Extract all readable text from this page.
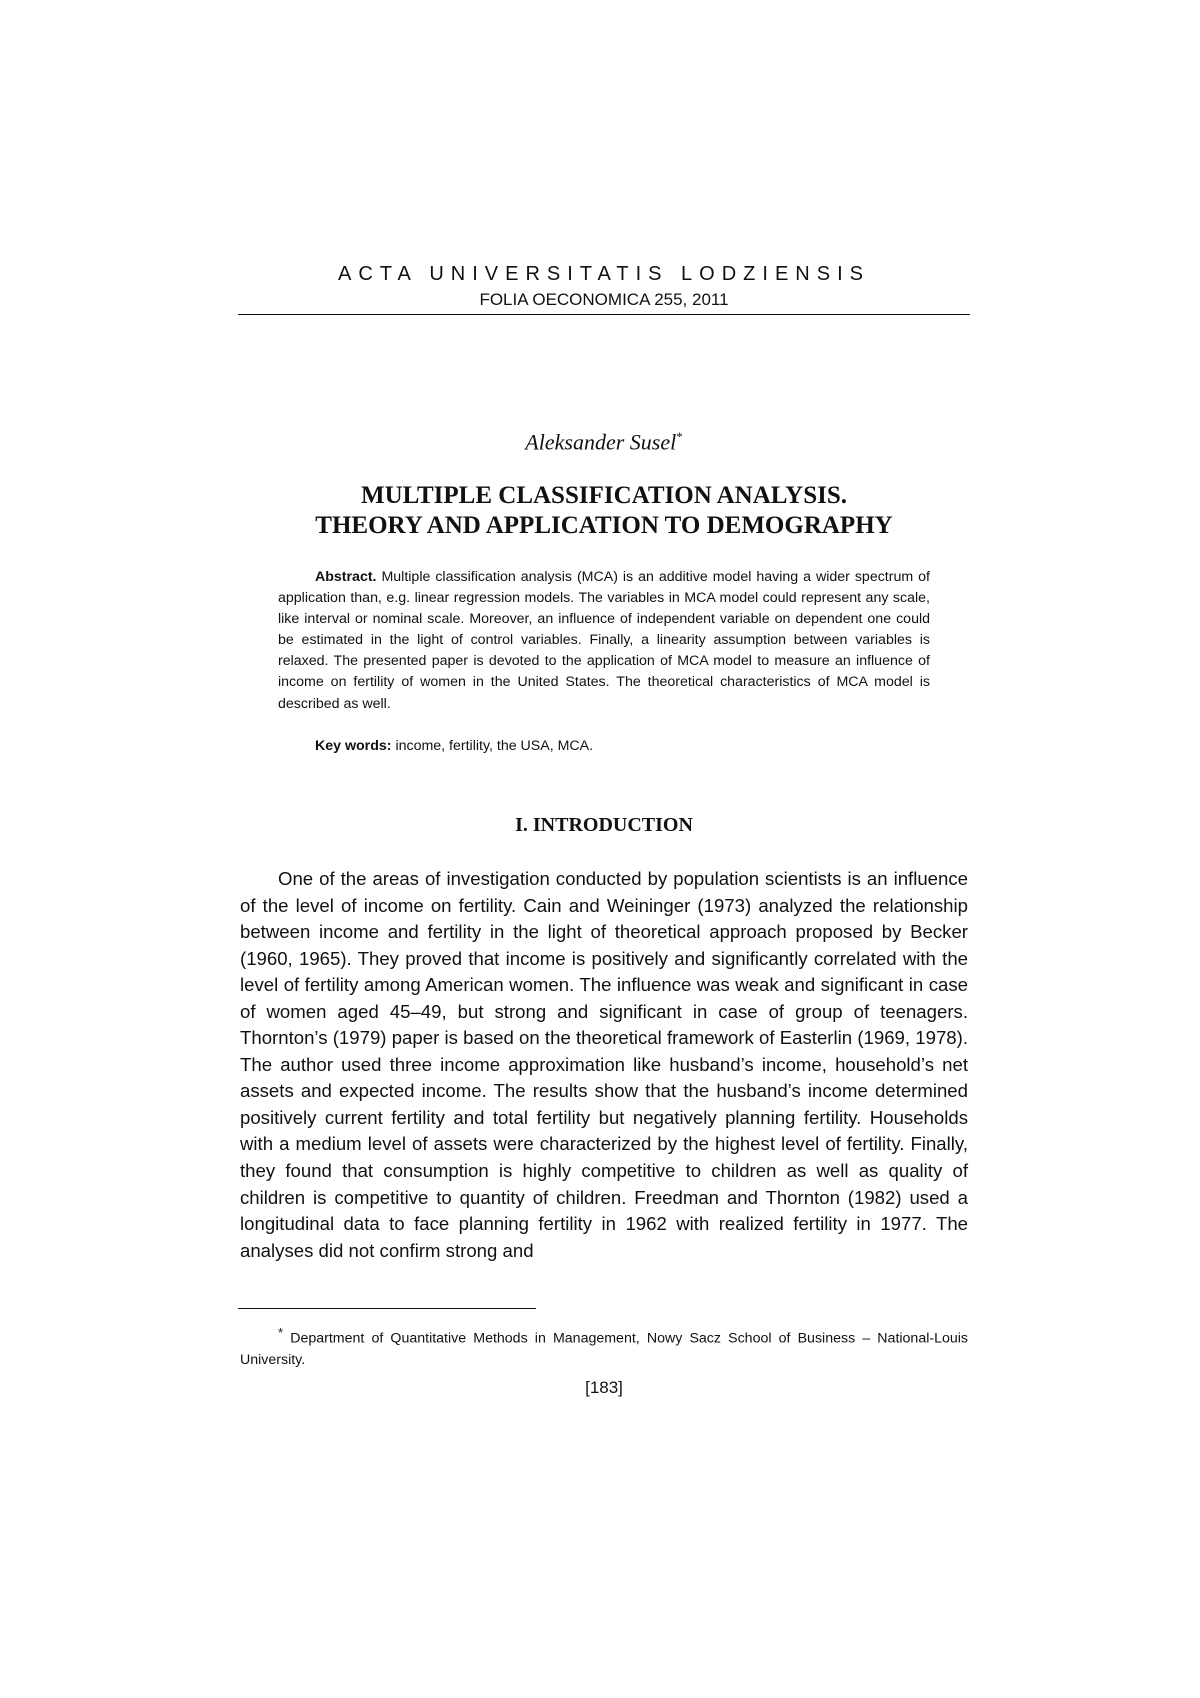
ACTA UNIVERSITATIS LODZIENSIS
FOLIA OECONOMICA 255, 2011
Aleksander Susel*
MULTIPLE CLASSIFICATION ANALYSIS.
THEORY AND APPLICATION TO DEMOGRAPHY

Abstract. Multiple classification analysis (MCA) is an additive model having a wider spectrum of application than, e.g. linear regression models. The variables in MCA model could represent any scale, like interval or nominal scale. Moreover, an influence of independent variable on dependent one could be estimated in the light of control variables. Finally, a linearity assumption between variables is relaxed. The presented paper is devoted to the application of MCA model to measure an influence of income on fertility of women in the United States. The theoretical characteristics of MCA model is described as well.

Key words: income, fertility, the USA, MCA.

I. INTRODUCTION

One of the areas of investigation conducted by population scientists is an influence of the level of income on fertility. Cain and Weininger (1973) analyzed the relationship between income and fertility in the light of theoretical approach proposed by Becker (1960, 1965). They proved that income is positively and significantly correlated with the level of fertility among American women. The influence was weak and significant in case of women aged 45–49, but strong and significant in case of group of teenagers. Thornton’s (1979) paper is based on the theoretical framework of Easterlin (1969, 1978). The author used three income approximation like husband’s income, household’s net assets and expected income. The results show that the husband’s income determined positively current fertility and total fertility but negatively planning fertility. Households with a medium level of assets were characterized by the highest level of fertility. Finally, they found that consumption is highly competitive to children as well as quality of children is competitive to quantity of children. Freedman and Thornton (1982) used a longitudinal data to face planning fertility in 1962 with realized fertility in 1977. The analyses did not confirm strong and

* Department of Quantitative Methods in Management, Nowy Sacz School of Business – National-Louis University.

[183]
